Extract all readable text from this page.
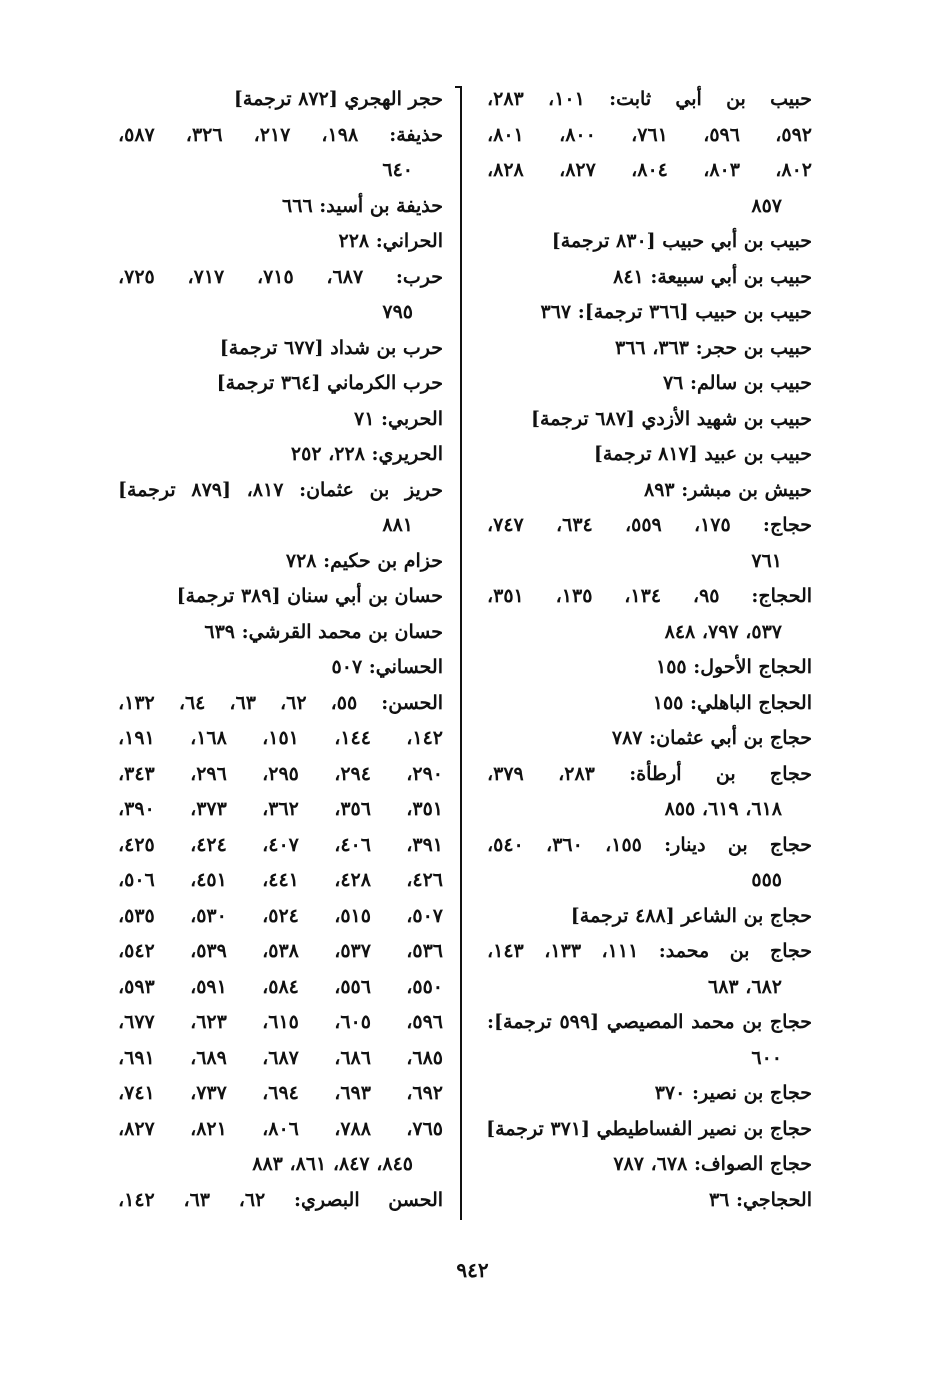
حبيب بن أبي ثابت: ١٠١، ٢٨٣،
٥٩٢، ٥٩٦، ٧٦١، ٨٠٠، ٨٠١،
٨٠٢، ٨٠٣، ٨٠٤، ٨٢٧، ٨٢٨،
٨٥٧
حبيب بن أبي حبيب [٨٣٠ ترجمة]
حبيب بن أبي سبيعة: ٨٤١
حبيب بن حبيب [٣٦٦ ترجمة]: ٣٦٧
حبيب بن حجر: ٣٦٣، ٣٦٦
حبيب بن سالم: ٧٦
حبيب بن شهيد الأزدي [٦٨٧ ترجمة]
حبيب بن عبيد [٨١٧ ترجمة]
حبيش بن مبشر: ٨٩٣
حجاج: ١٧٥، ٥٥٩، ٦٣٤، ٧٤٧،
٧٦١
الحجاج: ٩٥، ١٣٤، ١٣٥، ٣٥١،
٥٣٧، ٧٩٧، ٨٤٨
الحجاج الأحول: ١٥٥
الحجاج الباهلي: ١٥٥
حجاج بن أبي عثمان: ٧٨٧
حجاج بن أرطأة: ٢٨٣، ٣٧٩،
٦١٨، ٦١٩، ٨٥٥
حجاج بن دينار: ١٥٥، ٣٦٠، ٥٤٠،
٥٥٥
حجاج بن الشاعر [٤٨٨ ترجمة]
حجاج بن محمد: ١١١، ١٣٣، ١٤٣،
٦٨٢، ٦٨٣
حجاج بن محمد المصيصي [٥٩٩ ترجمة]:
٦٠٠
حجاج بن نصير: ٣٧٠
حجاج بن نصير الفساطيطي [٣٧١ ترجمة]
حجاج الصواف: ٦٧٨، ٧٨٧
الحجاجي: ٣٦
حجر الهجري [٨٧٢ ترجمة]
حذيفة: ١٩٨، ٢١٧، ٣٢٦، ٥٨٧،
٦٤٠
حذيفة بن أسيد: ٦٦٦
الحراني: ٢٢٨
حرب: ٦٨٧، ٧١٥، ٧١٧، ٧٢٥،
٧٩٥
حرب بن شداد [٦٧٧ ترجمة]
حرب الكرماني [٣٦٤ ترجمة]
الحربي: ٧١
الحريري: ٢٢٨، ٢٥٢
حريز بن عثمان: ٨١٧، [٨٧٩ ترجمة]
٨٨١
حزام بن حكيم: ٧٢٨
حسان بن أبي سنان [٣٨٩ ترجمة]
حسان بن محمد القرشي: ٦٣٩
الحساني: ٥٠٧
الحسن: ٥٥، ٦٢، ٦٣، ٦٤، ١٣٢،
١٤٢، ١٤٤، ١٥١، ١٦٨، ١٩١،
٢٩٠، ٢٩٤، ٢٩٥، ٢٩٦، ٣٤٣،
٣٥١، ٣٥٦، ٣٦٢، ٣٧٣، ٣٩٠،
٣٩١، ٤٠٦، ٤٠٧، ٤٢٤، ٤٢٥،
٤٢٦، ٤٢٨، ٤٤١، ٤٥١، ٥٠٦،
٥٠٧، ٥١٥، ٥٢٤، ٥٣٠، ٥٣٥،
٥٣٦، ٥٣٧، ٥٣٨، ٥٣٩، ٥٤٢،
٥٥٠، ٥٥٦، ٥٨٤، ٥٩١، ٥٩٣،
٥٩٦، ٦٠٥، ٦١٥، ٦٢٣، ٦٧٧،
٦٨٥، ٦٨٦، ٦٨٧، ٦٨٩، ٦٩١،
٦٩٢، ٦٩٣، ٦٩٤، ٧٣٧، ٧٤١،
٧٦٥، ٧٨٨، ٨٠٦، ٨٢١، ٨٢٧،
٨٤٥، ٨٤٧، ٨٦١، ٨٨٣
الحسن البصري: ٦٢، ٦٣، ١٤٢،
٩٤٢
